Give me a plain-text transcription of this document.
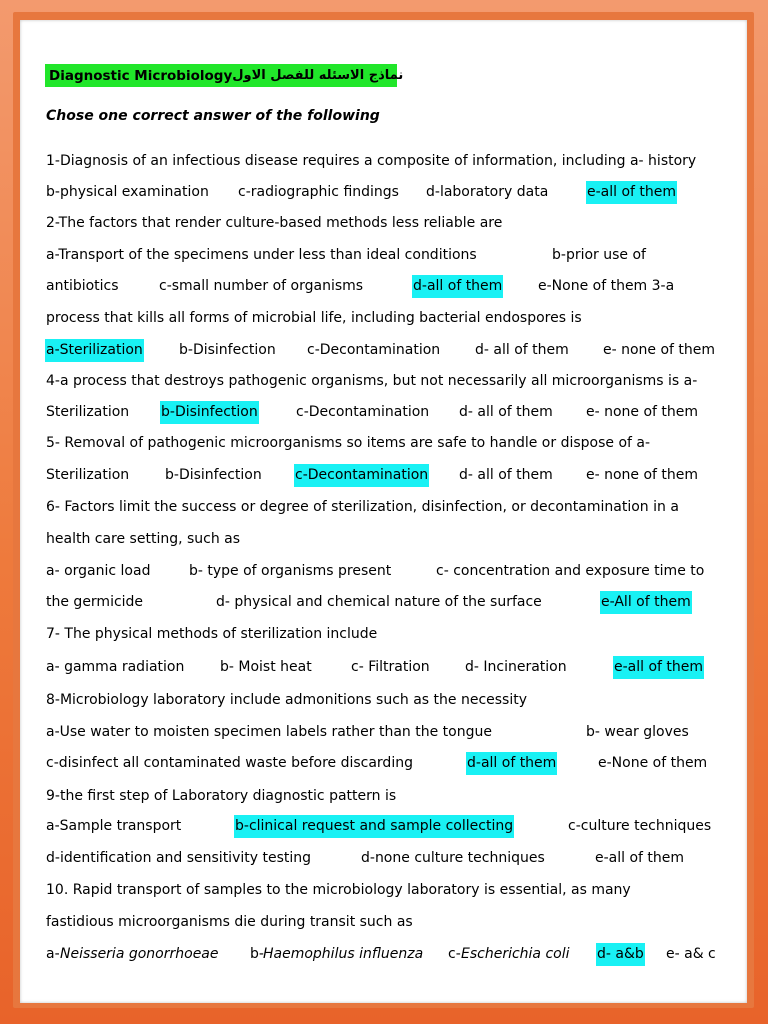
Diagnostic Microbiology نماذج الاسئله للفصل الاول
Chose one correct answer of the following
1-Diagnosis of an infectious disease requires a composite of information, including a- history
b-physical examination c-radiographic findings d-laboratory data	e-all of them
2-The factors that render culture-based methods less reliable are
a-Transport of the specimens under less than ideal conditions	b-prior use of
antibiotics	c-small number of organisms	d-all of them	e-None of them 3-a
process that kills all forms of microbial life, including bacterial endospores is
a-Sterilization	b-Disinfection c-Decontamination d- all of them e- none of them
4-a process that destroys pathogenic organisms, but not necessarily all microorganisms is a-
Sterilization b-Disinfection	c-Decontamination d- all of them e- none of them
5- Removal of pathogenic microorganisms so items are safe to handle or dispose of a-
Sterilization	b-Disinfection c-Decontamination d- all of them e- none of them
6- Factors limit the success or degree of sterilization, disinfection, or decontamination in a
health care setting, such as
a- organic load	b- type of organisms present	c- concentration and exposure time to
the germicide	d- physical and chemical nature of the surface	e-All of them
7- The physical methods of sterilization include
a- gamma radiation	b- Moist heat	c- Filtration	d- Incineration	e-all of them
8-Microbiology laboratory include admonitions such as the necessity
a-Use water to moisten specimen labels rather than the tongue	b- wear gloves
c-disinfect all contaminated waste before discarding	d-all of them	e-None of them
9-the first step of Laboratory diagnostic pattern is
a-Sample transport	b-clinical request and sample collecting	c-culture techniques
d-identification and sensitivity testing	d-none culture techniques	e-all of them
10. Rapid transport of samples to the microbiology laboratory is essential, as many
fastidious microorganisms die during transit such as
a- Neisseria gonorrhoeae b- Haemophilus influenza c- Escherichia coli d- a&b e- a& c
